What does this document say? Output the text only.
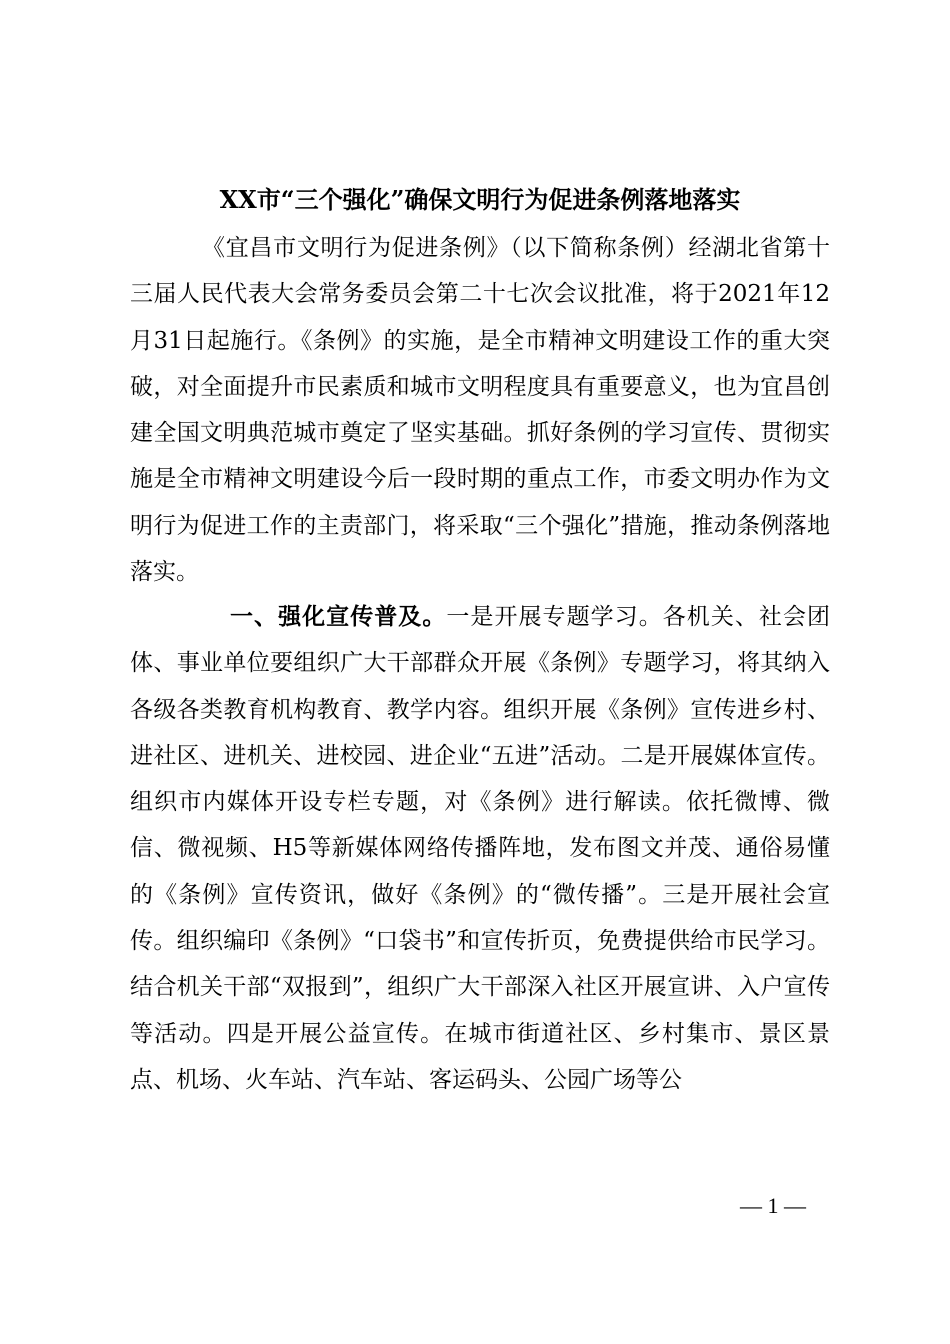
XX市“三个强化”确保文明行为促进条例落地落实
《宜昌市文明行为促进条例》（以下简称条例）经湖北省第十三届人民代表大会常务委员会第二十七次会议批准，将于2021年12月31日起施行。《条例》的实施，是全市精神文明建设工作的重大突破，对全面提升市民素质和城市文明程度具有重要意义，也为宜昌创建全国文明典范城市奠定了坚实基础。抓好条例的学习宣传、贯彻实施是全市精神文明建设今后一段时期的重点工作，市委文明办作为文明行为促进工作的主责部门，将采取“三个强化”措施，推动条例落地落实。
一、强化宣传普及。一是开展专题学习。各机关、社会团体、事业单位要组织广大干部群众开展《条例》专题学习，将其纳入各级各类教育机构教育、教学内容。组织开展《条例》宣传进乡村、进社区、进机关、进校园、进企业“五进”活动。二是开展媒体宣传。组织市内媒体开设专栏专题，对《条例》进行解读。依托微博、微信、微视频、H5等新媒体网络传播阵地，发布图文并茂、通俗易懂的《条例》宣传资讯，做好《条例》的“微传播”。三是开展社会宣传。组织编印《条例》“口袋书”和宣传折页，免费提供给市民学习。结合机关干部“双报到”，组织广大干部深入社区开展宣讲、入户宣传等活动。四是开展公益宣传。在城市街道社区、乡村集市、景区景点、机场、火车站、汽车站、客运码头、公园广场等公
— 1 —
